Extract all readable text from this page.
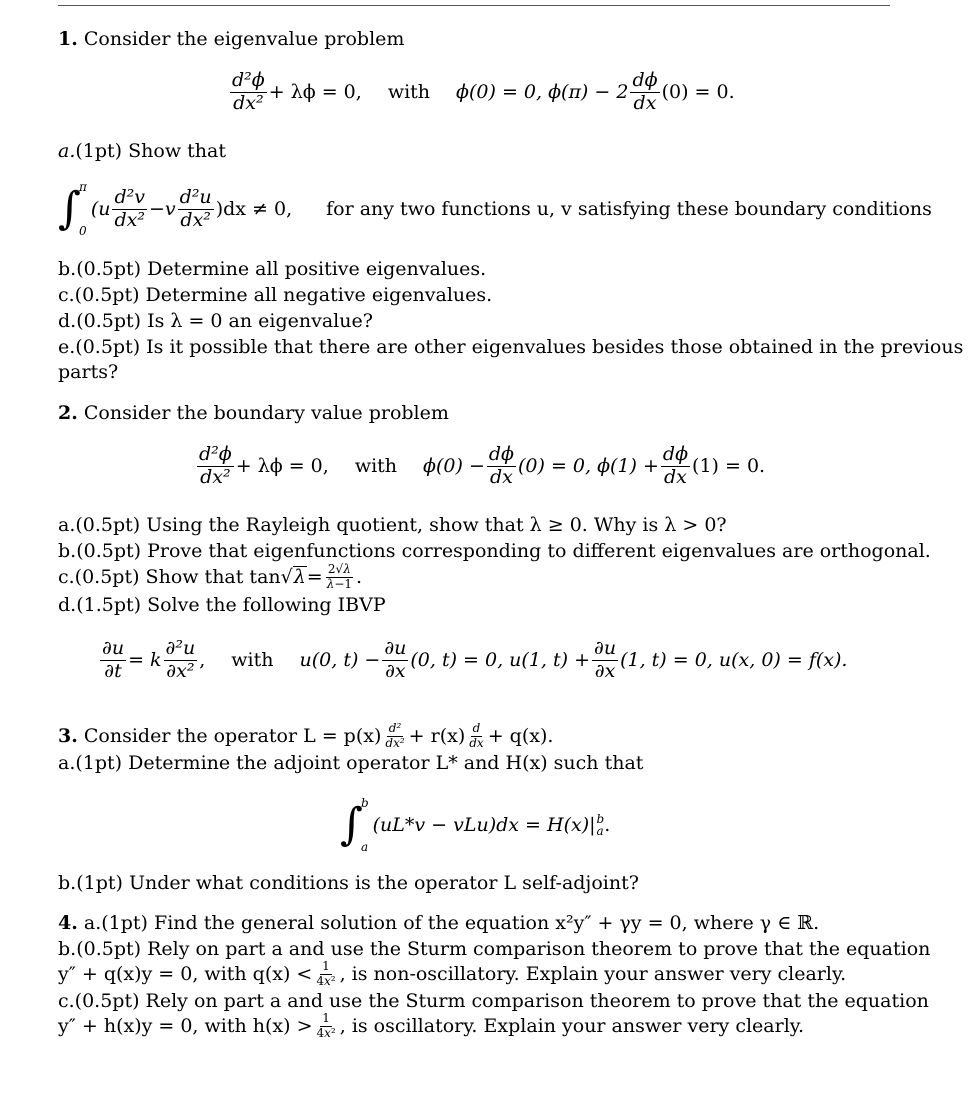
1. Consider the eigenvalue problem
$\frac{\text{d²ϕ}}{\text{dx²}} + \lambda\phi = 0$, with ϕ(0) = 0, $\phi(\pi) - 2 \frac{d\phi}{dx} (0) = 0$.
a.(1pt) Show that
∫
π
0
$(u \frac{\text{d²v}}{\text{dx²}} -v \frac{\text{d²u}}{\text{dx²}} )dx \ne 0$, for any two functions u, v satisfying these boundary conditions
b.(0.5pt) Determine all positive eigenvalues.
c.(0.5pt) Determine all negative eigenvalues.
d.(0.5pt) Is λ = 0 an eigenvalue?
e.(0.5pt) Is it possible that there are other eigenvalues besides those obtained in the previous
parts?
2. Consider the boundary value problem
$\frac{\text{d²ϕ}}{\text{dx²}} + \lambda\phi = 0$, with $\phi(0) - \frac{d\phi}{dx} (0) = 0$, $\phi(1) + \frac{d\phi}{dx} (1) = 0$.
a.(0.5pt) Using the Rayleigh quotient, show that λ ≥ 0. Why is λ > 0?
b.(0.5pt) Prove that eigenfunctions corresponding to different eigenvalues are orthogonal.
c.(0.5pt) Show that $\tan √\lambda = \frac{2√\lambda}{\lambda-1}$ .
d.(1.5pt) Solve the following IBVP
$\frac{\partial u}{\partial t} = k \frac{\text{∂²u}}{\text{∂x²}}$ , with u(0, $t) - \frac{\partial u}{\partial x} (0$, t) = 0, u(1, $t) + \frac{\partial u}{\partial x} (1$, t) = 0, u(x, 0) = f(x).
3.
Consider the operator $L = p(x) \frac{\text{d²}}{\text{dx²}} + r(x) \frac{d}{dx} + q(x)$.
a.(1pt) Determine the adjoint operator L* and H(x) such that
∫
b
a
(uL*v − vLu)dx = H(x)| b
a .
b.(1pt) Under what conditions is the operator L self-adjoint?
4. a.(1pt) Find the general solution of the equation x²y″ + γy = 0, where γ ∈ ℝ.
b.(0.5pt) Rely on part a and use the Sturm comparison theorem to prove that the equation
y″ + q(x)y = 0, with $q(x) < \frac{1}{\text{4x²}}$ , is non-oscillatory. Explain your answer very clearly.
c.(0.5pt) Rely on part a and use the Sturm comparison theorem to prove that the equation
y″ + h(x)y = 0, with $h(x) > \frac{1}{\text{4x²}}$ , is oscillatory. Explain your answer very clearly.
